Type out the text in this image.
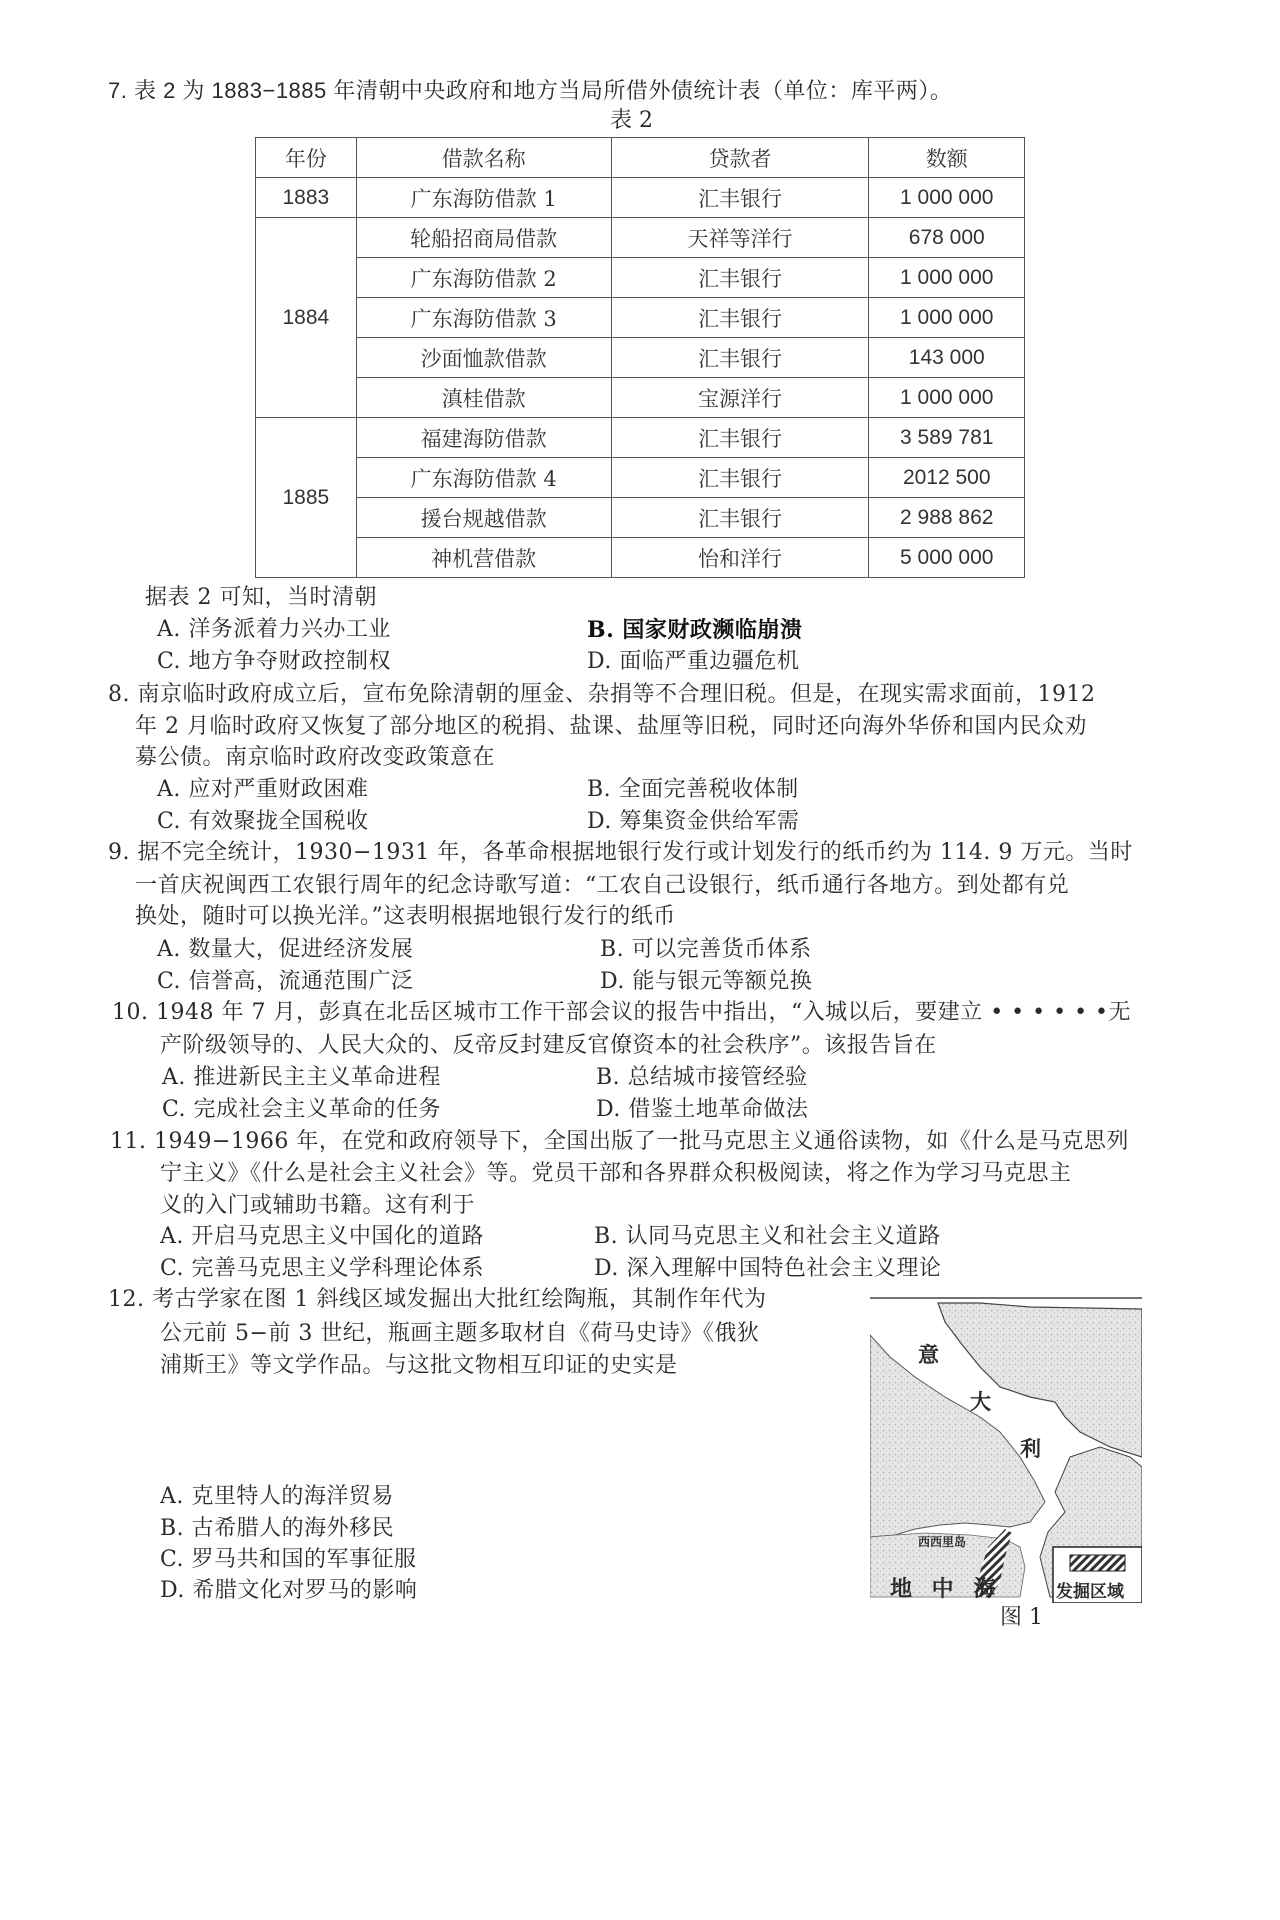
7. 表 2 为 1883−1885 年清朝中央政府和地方当局所借外债统计表（单位：库平两）。
表 2
年份	借款名称	贷款者	数额
1883	广东海防借款 1	汇丰银行	1 000 000
1884	轮船招商局借款	天祥等洋行	678 000
	广东海防借款 2	汇丰银行	1 000 000
	广东海防借款 3	汇丰银行	1 000 000
	沙面恤款借款	汇丰银行	143 000
	滇桂借款	宝源洋行	1 000 000
1885	福建海防借款	汇丰银行	3 589 781
	广东海防借款 4	汇丰银行	2012 500
	援台规越借款	汇丰银行	2 988 862
	神机营借款	怡和洋行	5 000 000
据表 2 可知，当时清朝
A. 洋务派着力兴办工业	B. 国家财政濒临崩溃
C. 地方争夺财政控制权	D. 面临严重边疆危机
8. 南京临时政府成立后，宣布免除清朝的厘金、杂捐等不合理旧税。但是，在现实需求面前，1912
年 2 月临时政府又恢复了部分地区的税捐、盐课、盐厘等旧税，同时还向海外华侨和国内民众劝
募公债。南京临时政府改变政策意在
A. 应对严重财政困难	B. 全面完善税收体制
C. 有效聚拢全国税收	D. 筹集资金供给军需
9. 据不完全统计，1930−1931 年，各革命根据地银行发行或计划发行的纸币约为 114. 9 万元。当时
一首庆祝闽西工农银行周年的纪念诗歌写道：“工农自己设银行，纸币通行各地方。到处都有兑
换处，随时可以换光洋。”这表明根据地银行发行的纸币
A. 数量大，促进经济发展	B. 可以完善货币体系
C. 信誉高，流通范围广泛	D. 能与银元等额兑换
10. 1948 年 7 月，彭真在北岳区城市工作干部会议的报告中指出，“入城以后，要建立 • • • • • •无
产阶级领导的、人民大众的、反帝反封建反官僚资本的社会秩序”。该报告旨在
A. 推进新民主主义革命进程	B. 总结城市接管经验
C. 完成社会主义革命的任务	D. 借鉴土地革命做法
11. 1949−1966 年，在党和政府领导下，全国出版了一批马克思主义通俗读物，如《什么是马克思列
宁主义》《什么是社会主义社会》等。党员干部和各界群众积极阅读，将之作为学习马克思主
义的入门或辅助书籍。这有利于
A. 开启马克思主义中国化的道路	B. 认同马克思主义和社会主义道路
C. 完善马克思主义学科理论体系	D. 深入理解中国特色社会主义理论
12. 考古学家在图 1 斜线区域发掘出大批红绘陶瓶，其制作年代为
公元前 5−前 3 世纪，瓶画主题多取材自《荷马史诗》《俄狄
浦斯王》等文学作品。与这批文物相互印证的史实是
A. 克里特人的海洋贸易
B. 古希腊人的海外移民
C. 罗马共和国的军事征服
D. 希腊文化对罗马的影响
意
大
利
西西里岛
地 中 海	发掘区域
图 1
